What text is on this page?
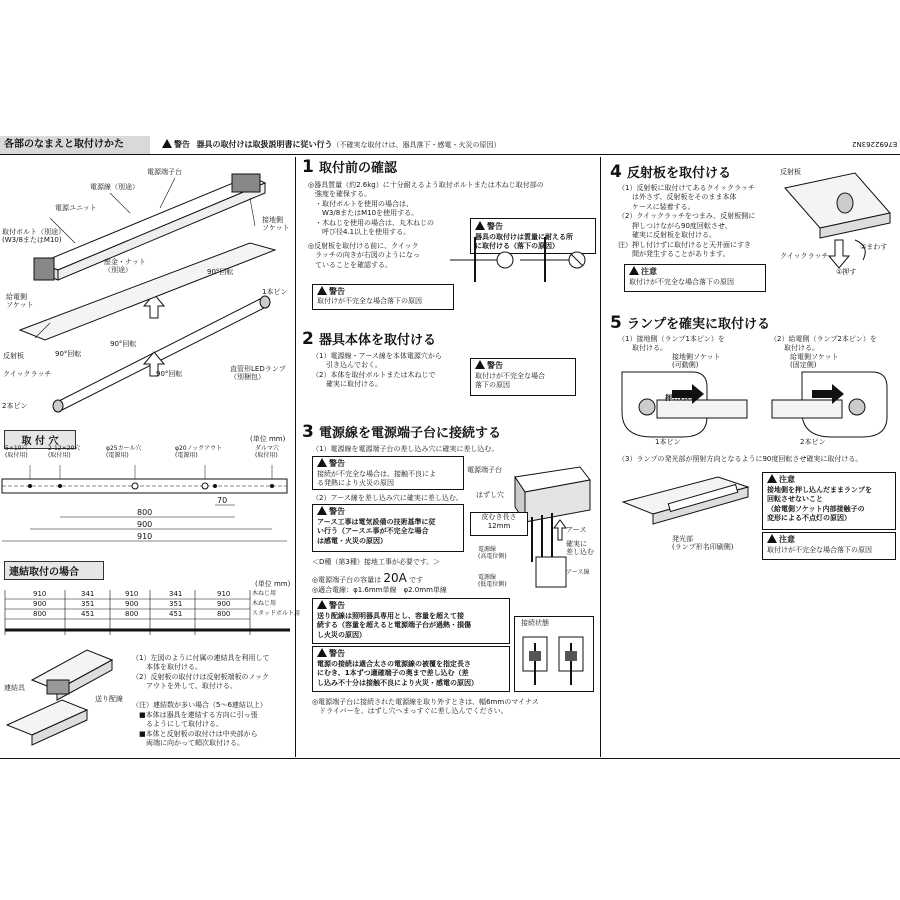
E7692263N2
各部のなまえと取付けかた	警告 器具の取付けは取扱説明書に従い行う（不確実な取付けは、器具落下・感電・火災の原因）
電源端子台
電源線（別途）
電源ユニット
取付ボルト（別途）
(W3/8またはM10)
座金・ナット
（別途）
接地側
ソケット
90°回転
1本ピン
給電側
ソケット
90°回転
反射板	90°回転
クイックラッチ	90°回転
直管形LEDランプ
（別梱包）
2本ピン
取 付 穴	(単位 mm)
5×10穴
(取付用)
2-12×20穴
(取付用)
φ25カール穴
(電源用)
φ20ノックアウト
(電源用)
ダルマ穴
(取付用)
70
800
900
910
連結取付の場合
(単位 mm)
910	341	910	341	910
900	351	900	351	900
800	451	800	451	800
木ねじ用
木ねじ用
スタッドボルト用
連結具
送り配線
（1）左図のように付属の連結具を利用して
　　本体を取付ける。
（2）反射板の取付けは反射板端板のノック
　　アウトを外して、取付ける。

（注）連結数が多い場合（5～6連結以上）
　■本体は器具を連結する方向に引っ張
　　るようにして取付ける。
　■本体と反射板の取付けは中央部から
　　両端に向かって順次取付ける。
1 取付前の確認
◎器具質量（約2.6kg）に十分耐えるよう取付ボルトまたは木ねじ取付部の
　強度を確保する。
　・取付ボルトを使用の場合は、
　　W3/8またはM10を使用する。
　・木ねじを使用の場合は、丸木ねじの
　　呼び径4.1以上を使用する。
警告
器具の取付けは質量に耐える所
に取付ける（落下の原因）
◎反射板を取付ける前に、クイック
　ラッチの向きが右図のようになっ
　ていることを確認する。
警告
取付けが不完全な場合落下の原因
2 器具本体を取付ける
（1）電源線・アース線を本体電源穴から
　　引き込んでおく。
（2）本体を取付ボルトまたは木ねじで
　　確実に取付ける。
警告
取付けが不完全な場合
落下の原因
3 電源線を電源端子台に接続する
（1）電源線を電源端子台の差し込み穴に確実に差し込む。
警告
接続が不完全な場合は、接触不良によ
る発熱により火災の原因
（2）アース線を差し込み穴に確実に差し込む。
警告
アース工事は電気設備の技術基準に従
い行う（アースエ事が不完全な場合
は感電・火災の原因）
＜D種（第3種）接地工事が必要です。＞
◎電源端子台の容量は 20A です
◎適合電線：φ1.6mm単線　φ2.0mm単線
電源端子台
はずし穴
皮むき長さ
12mm	アース
確実に
差し込む
電源線
(高電位側)
アース線
電源線
(低電位側)
警告
送り配線は照明器具専用とし、容量を超えて接
続する（容量を超えると電源端子台が過熱・損傷
し火災の原因）
警告
電源の接続は適合太さの電源線の被覆を指定長さ
にむき、1本ずつ適確端子の奥まで差し込む（差
し込み不十分は接触不良により火災・感電の原因）
接続状態
◎電源端子台に接続された電源線を取り外すときは、幅6mmのマイナス
　ドライバーを、はずし穴へまっすぐに差し込んでください。
4 反射板を取付ける
（1）反射板に取付けてあるクイックラッチ
　　は外さず、反射板をそのまま本体
　　ケースに装着する。
（2）クイックラッチをつまみ、反射板側に
　　押しつけながら90度回転させ、
　　確実に反射板を取付ける。
注）押し付けずに取付けると天井面にすき
　　間が発生することがあります。
反射板
クイックラッチ
②まわす
①押す
注意
取付けが不完全な場合落下の原因
5 ランプを確実に取付ける
（1）接地側（ランプ1本ピン）を
　　取付ける。
（2）給電側（ランプ2本ピン）を
　　取付ける。
接地側ソケット
(可動側)
給電側ソケット
(固定側)
押し込む
1本ピン	2本ピン
（3）ランプの発光部が照射方向となるように90度回転させ確実に取付ける。
発光部
(ランプ形名印刷側)
注意
接地側を押し込んだままランプを
回転させないこと
（給電側ソケット内部接触子の
変形による不点灯の原因）
注意
取付けが不完全な場合落下の原因
